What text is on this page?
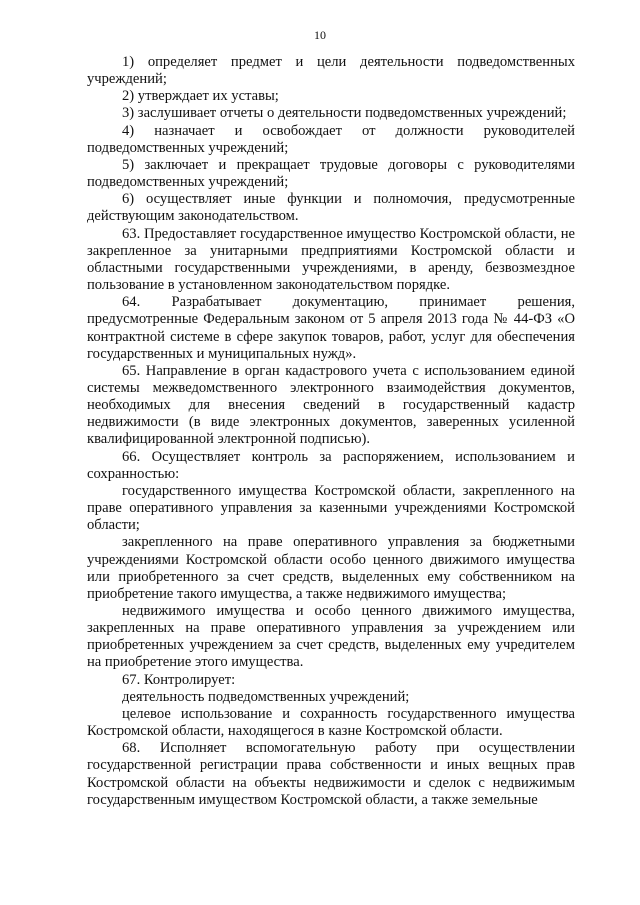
10

1) определяет предмет и цели деятельности подведомственных учреждений;

2) утверждает их уставы;

3) заслушивает отчеты о деятельности подведомственных учреждений;

4) назначает и освобождает от должности руководителей подведомственных учреждений;

5) заключает и прекращает трудовые договоры с руководителями подведомственных учреждений;

6) осуществляет иные функции и полномочия, предусмотренные действующим законодательством.

63. Предоставляет государственное имущество Костромской области, не закрепленное за унитарными предприятиями Костромской области и областными государственными учреждениями, в аренду, безвозмездное пользование в установленном законодательством порядке.

64. Разрабатывает документацию, принимает решения, предусмотренные Федеральным законом от 5 апреля 2013 года № 44-ФЗ «О контрактной системе в сфере закупок товаров, работ, услуг для обеспечения государственных и муниципальных нужд».

65. Направление в орган кадастрового учета с использованием единой системы межведомственного электронного взаимодействия документов, необходимых для внесения сведений в государственный кадастр недвижимости (в виде электронных документов, заверенных усиленной квалифицированной электронной подписью).

66. Осуществляет контроль за распоряжением, использованием и сохранностью:

государственного имущества Костромской области, закрепленного на праве оперативного управления за казенными учреждениями Костромской области;

закрепленного на праве оперативного управления за бюджетными учреждениями Костромской области особо ценного движимого имущества или приобретенного за счет средств, выделенных ему собственником на приобретение такого имущества, а также недвижимого имущества;

недвижимого имущества и особо ценного движимого имущества, закрепленных на праве оперативного управления за учреждением или приобретенных учреждением за счет средств, выделенных ему учредителем на приобретение этого имущества.

67. Контролирует:

деятельность подведомственных учреждений;

целевое использование и сохранность государственного имущества Костромской области, находящегося в казне Костромской области.

68. Исполняет вспомогательную работу при осуществлении государственной регистрации права собственности и иных вещных прав Костромской области на объекты недвижимости и сделок с недвижимым государственным имуществом Костромской области, а также земельные
